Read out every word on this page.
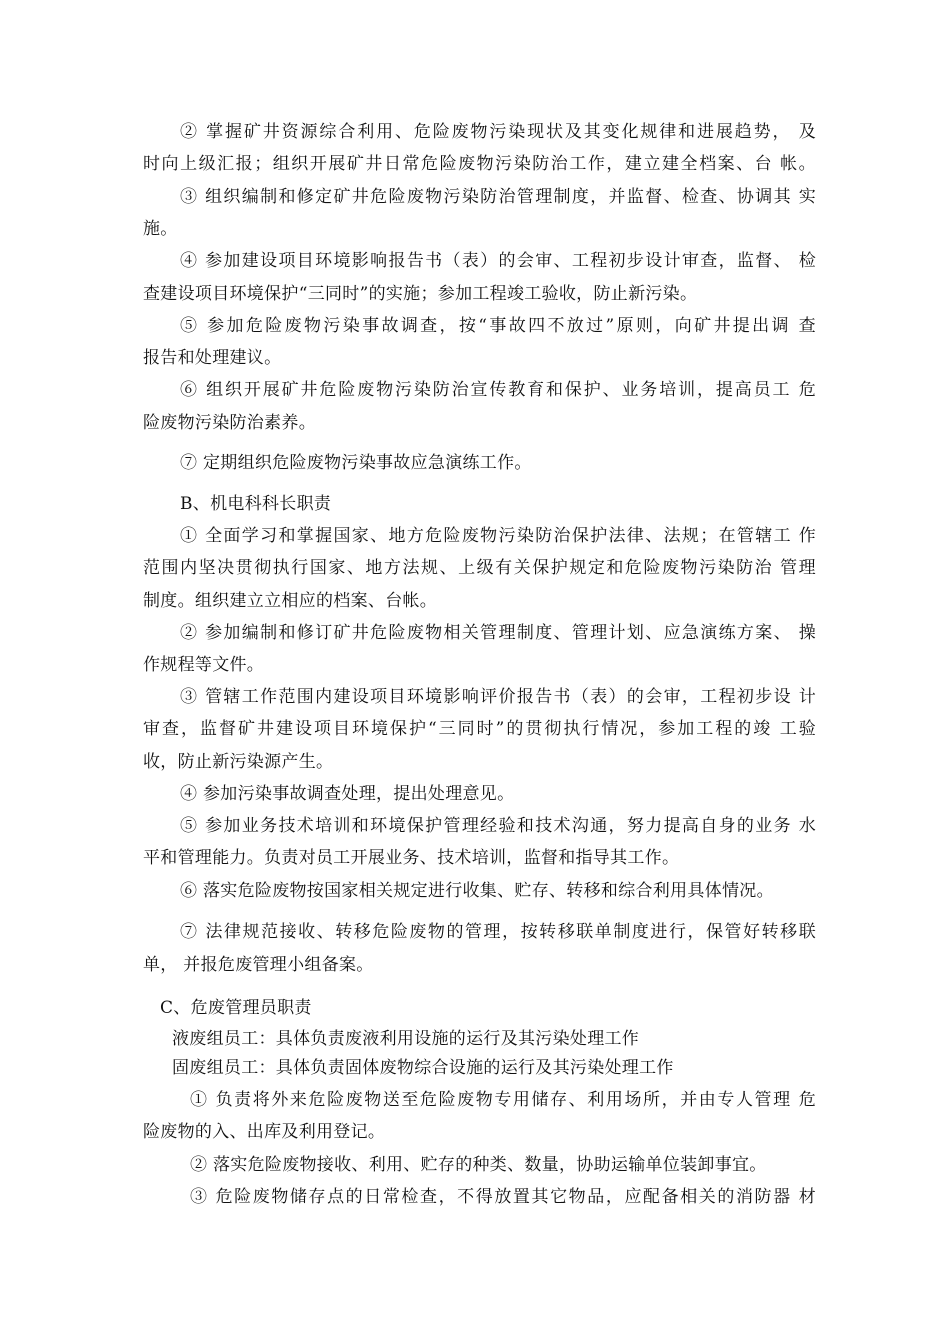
② 掌握矿井资源综合利用、危险废物污染现状及其变化规律和进展趋势， 及
时向上级汇报；组织开展矿井日常危险废物污染防治工作，建立建全档案、台 帐。
③ 组织编制和修定矿井危险废物污染防治管理制度，并监督、检查、协调其 实
施。
④ 参加建设项目环境影响报告书（表）的会审、工程初步设计审查，监督、 检
查建设项目环境保护“三同时”的实施；参加工程竣工验收，防止新污染。
⑤ 参加危险废物污染事故调查，按“事故四不放过”原则，向矿井提出调 查
报告和处理建议。
⑥ 组织开展矿井危险废物污染防治宣传教育和保护、业务培训，提高员工 危
险废物污染防治素养。
⑦ 定期组织危险废物污染事故应急演练工作。
B、机电科科长职责
① 全面学习和掌握国家、地方危险废物污染防治保护法律、法规；在管辖工 作
范围内坚决贯彻执行国家、地方法规、上级有关保护规定和危险废物污染防治 管理
制度。组织建立立相应的档案、台帐。
② 参加编制和修订矿井危险废物相关管理制度、管理计划、应急演练方案、 操
作规程等文件。
③ 管辖工作范围内建设项目环境影响评价报告书（表）的会审，工程初步设 计
审查，监督矿井建设项目环境保护“三同时”的贯彻执行情况，参加工程的竣 工验
收，防止新污染源产生。
④ 参加污染事故调查处理，提出处理意见。
⑤ 参加业务技术培训和环境保护管理经验和技术沟通，努力提高自身的业务 水
平和管理能力。负责对员工开展业务、技术培训，监督和指导其工作。
⑥ 落实危险废物按国家相关规定进行收集、贮存、转移和综合利用具体情况。
⑦ 法律规范接收、转移危险废物的管理，按转移联单制度进行，保管好转移联
单， 并报危废管理小组备案。
C、危废管理员职责
液废组员工：具体负责废液利用设施的运行及其污染处理工作
固废组员工：具体负责固体废物综合设施的运行及其污染处理工作
① 负责将外来危险废物送至危险废物专用储存、利用场所，并由专人管理 危
险废物的入、出库及利用登记。
② 落实危险废物接收、利用、贮存的种类、数量，协助运输单位装卸事宜。
③ 危险废物储存点的日常检查，不得放置其它物品，应配备相关的消防器 材
